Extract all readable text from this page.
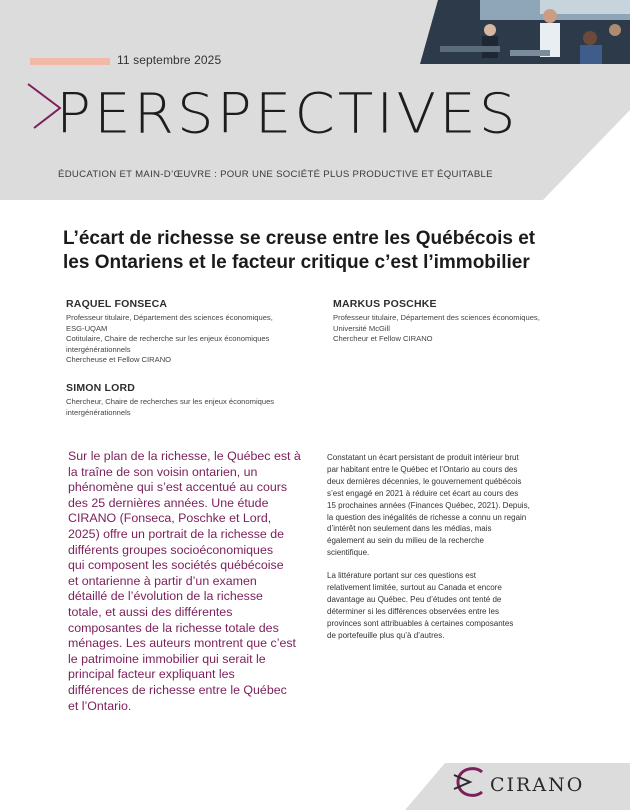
11 septembre 2025
PERSPECTIVES
ÉDUCATION ET MAIN-D’ŒUVRE : POUR UNE SOCIÉTÉ PLUS PRODUCTIVE ET ÉQUITABLE
L’écart de richesse se creuse entre les Québécois et
les Ontariens et le facteur critique c’est l’immobilier
RAQUEL FONSECA
Professeur titulaire, Département des sciences économiques,
ESG-UQAM
Cotitulaire, Chaire de recherche sur les enjeux économiques
intergénérationnels
Chercheuse et Fellow CIRANO
MARKUS POSCHKE
Professeur titulaire, Département des sciences économiques,
Université McGill
Chercheur et Fellow CIRANO
SIMON LORD
Chercheur, Chaire de recherches sur les enjeux économiques
intergénérationnels
Sur le plan de la richesse, le Québec est à
la traîne de son voisin ontarien, un
phénomène qui s’est accentué au cours
des 25 dernières années. Une étude
CIRANO (Fonseca, Poschke et Lord,
2025) offre un portrait de la richesse de
différents groupes socioéconomiques
qui composent les sociétés québécoise
et ontarienne à partir d’un examen
détaillé de l’évolution de la richesse
totale, et aussi des différentes
composantes de la richesse totale des
ménages. Les auteurs montrent que c’est
le patrimoine immobilier qui serait le
principal facteur expliquant les
différences de richesse entre le Québec
et l’Ontario.

Constatant un écart persistant de produit intérieur brut
par habitant entre le Québec et l’Ontario au cours des
deux dernières décennies, le gouvernement québécois
s’est engagé en 2021 à réduire cet écart au cours des
15 prochaines années (Finances Québec, 2021). Depuis,
la question des inégalités de richesse a connu un regain
d’intérêt non seulement dans les médias, mais
également au sein du milieu de la recherche
scientifique.

La littérature portant sur ces questions est
relativement limitée, surtout au Canada et encore
davantage au Québec. Peu d’études ont tenté de
déterminer si les différences observées entre les
provinces sont attribuables à certaines composantes
de portefeuille plus qu’à d’autres.

CIRANO
